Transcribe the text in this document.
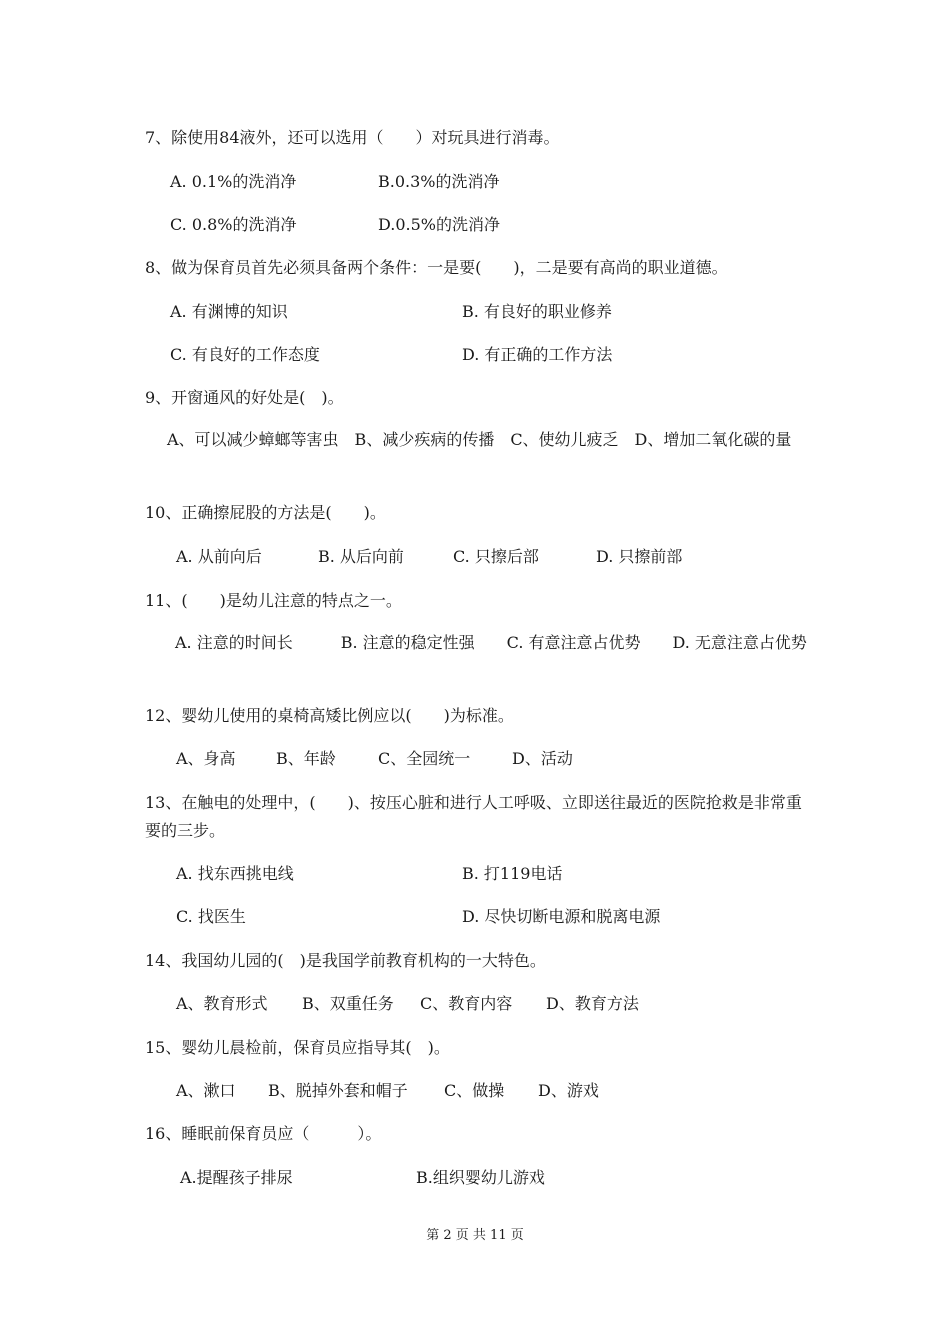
7、除使用84液外，还可以选用（　　）对玩具进行消毒。
A. 0.1%的洗消净	B.0.3%的洗消净
C. 0.8%的洗消净	D.0.5%的洗消净
8、做为保育员首先必须具备两个条件：一是要(　　)，二是要有高尚的职业道德。
A. 有渊博的知识	B. 有良好的职业修养
C. 有良好的工作态度	D. 有正确的工作方法
9、开窗通风的好处是(　)。
A、可以减少蟑螂等害虫　B、减少疾病的传播　C、使幼儿疲乏　D、增加二氧化碳的量
10、正确擦屁股的方法是(　　)。
A. 从前向后	B. 从后向前	C. 只擦后部	D. 只擦前部
11、(　　)是幼儿注意的特点之一。
A. 注意的时间长　　　B. 注意的稳定性强　　C. 有意注意占优势　　D. 无意注意占优势
12、婴幼儿使用的桌椅高矮比例应以(　　)为标准。
A、身高	B、年龄	C、全园统一	D、活动
13、在触电的处理中，(　　)、按压心脏和进行人工呼吸、立即送往最近的医院抢救是非常重要的三步。
A. 找东西挑电线	B. 打119电话
C. 找医生	D. 尽快切断电源和脱离电源
14、我国幼儿园的(　)是我国学前教育机构的一大特色。
A、教育形式 B、双重任务 C、教育内容 D、教育方法
15、婴幼儿晨检前，保育员应指导其(　)。
A、漱口 B、脱掉外套和帽子 C、做操 D、游戏
16、睡眠前保育员应（　　　）。
A.提醒孩子排尿	B.组织婴幼儿游戏
第 2 页 共 11 页
